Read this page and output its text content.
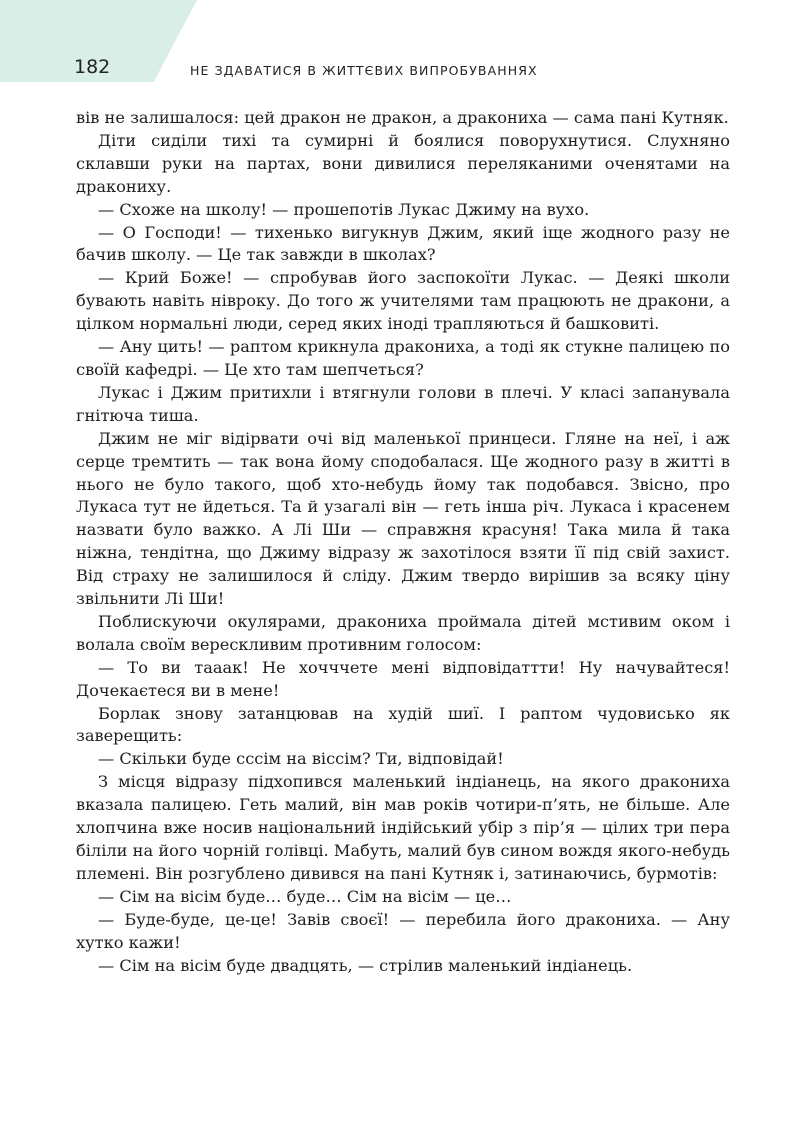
182	НЕ ЗДАВАТИСЯ В ЖИТТЄВИХ ВИПРОБУВАННЯХ

вів не залишалося: цей дракон не дракон, а дракониха — сама пані Кутняк.

Діти сиділи тихі та сумирні й боялися поворухнутися. Слухняно склавши руки на партах, вони дивилися переляканими оченятами на дракониху.

— Схоже на школу! — прошепотів Лукас Джиму на вухо.

— О Господи! — тихенько вигукнув Джим, який іще жодного разу не бачив школу. — Це так завжди в школах?

— Крий Боже! — спробував його заспокоїти Лукас. — Деякі школи бувають навіть нівроку. До того ж учителями там працюють не дракони, а цілком нормальні люди, серед яких іноді трапляються й башковиті.

— Ану цить! — раптом крикнула дракониха, а тоді як стукне палицею по своїй кафедрі. — Це хто там шепчеться?

Лукас і Джим притихли і втягнули голови в плечі. У класі запанувала гнітюча тиша.

Джим не міг відірвати очі від маленької принцеси. Гляне на неї, і аж серце тремтить — так вона йому сподобалася. Ще жодного разу в житті в нього не було такого, щоб хто-небудь йому так подобався. Звісно, про Лукаса тут не йдеться. Та й узагалі він — геть інша річ. Лукаса і красенем назвати було важко. А Лі Ши — справжня красуня! Така мила й така ніжна, тендітна, що Джиму відразу ж захотілося взяти її під свій захист. Від страху не залишилося й сліду. Джим твердо вирішив за всяку ціну звільнити Лі Ши!

Поблискуючи окулярами, дракониха проймала дітей мстивим оком і волала своїм верескливим противним голосом:

— То ви тааак! Не хочччете мені відповідаттти! Ну начувайтеся! Дочекаєтеся ви в мене!

Борлак знову затанцював на худій шиї. І раптом чудовисько як заверещить:

— Скільки буде сссім на віссім? Ти, відповідай!

З місця відразу підхопився маленький індіанець, на якого дракониха вказала палицею. Геть малий, він мав років чотири-п’ять, не більше. Але хлопчина вже носив національний індійський убір з пір’я — цілих три пера біліли на його чорній голівці. Мабуть, малий був сином вождя якого-небудь племені. Він розгублено дивився на пані Кутняк і, затинаючись, бурмотів:

— Сім на вісім буде… буде… Сім на вісім — це…

— Буде-буде, це-це! Завів своєї! — перебила його дракониха. — Ану хутко кажи!

— Сім на вісім буде двадцять, — стрілив маленький індіанець.
